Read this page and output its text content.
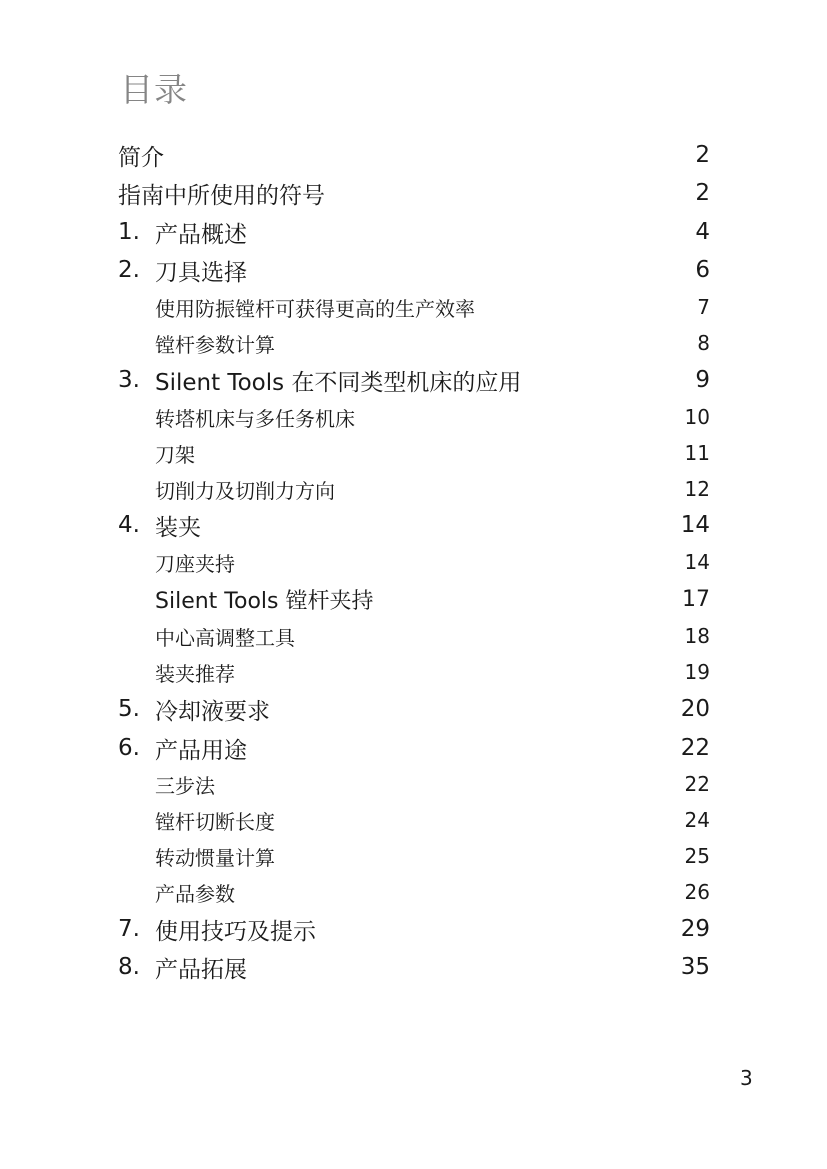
目录
简介	2
指南中所使用的符号	2
1. 产品概述	4
2. 刀具选择	6
使用防振镗杆可获得更高的生产效率	7
镗杆参数计算	8
3. Silent Tools 在不同类型机床的应用	9
转塔机床与多任务机床	10
刀架	11
切削力及切削力方向	12
4. 装夹	14
刀座夹持	14
Silent Tools 镗杆夹持	17
中心高调整工具	18
装夹推荐	19
5. 冷却液要求	20
6. 产品用途	22
三步法	22
镗杆切断长度	24
转动惯量计算	25
产品参数	26
7. 使用技巧及提示	29
8. 产品拓展	35
3
